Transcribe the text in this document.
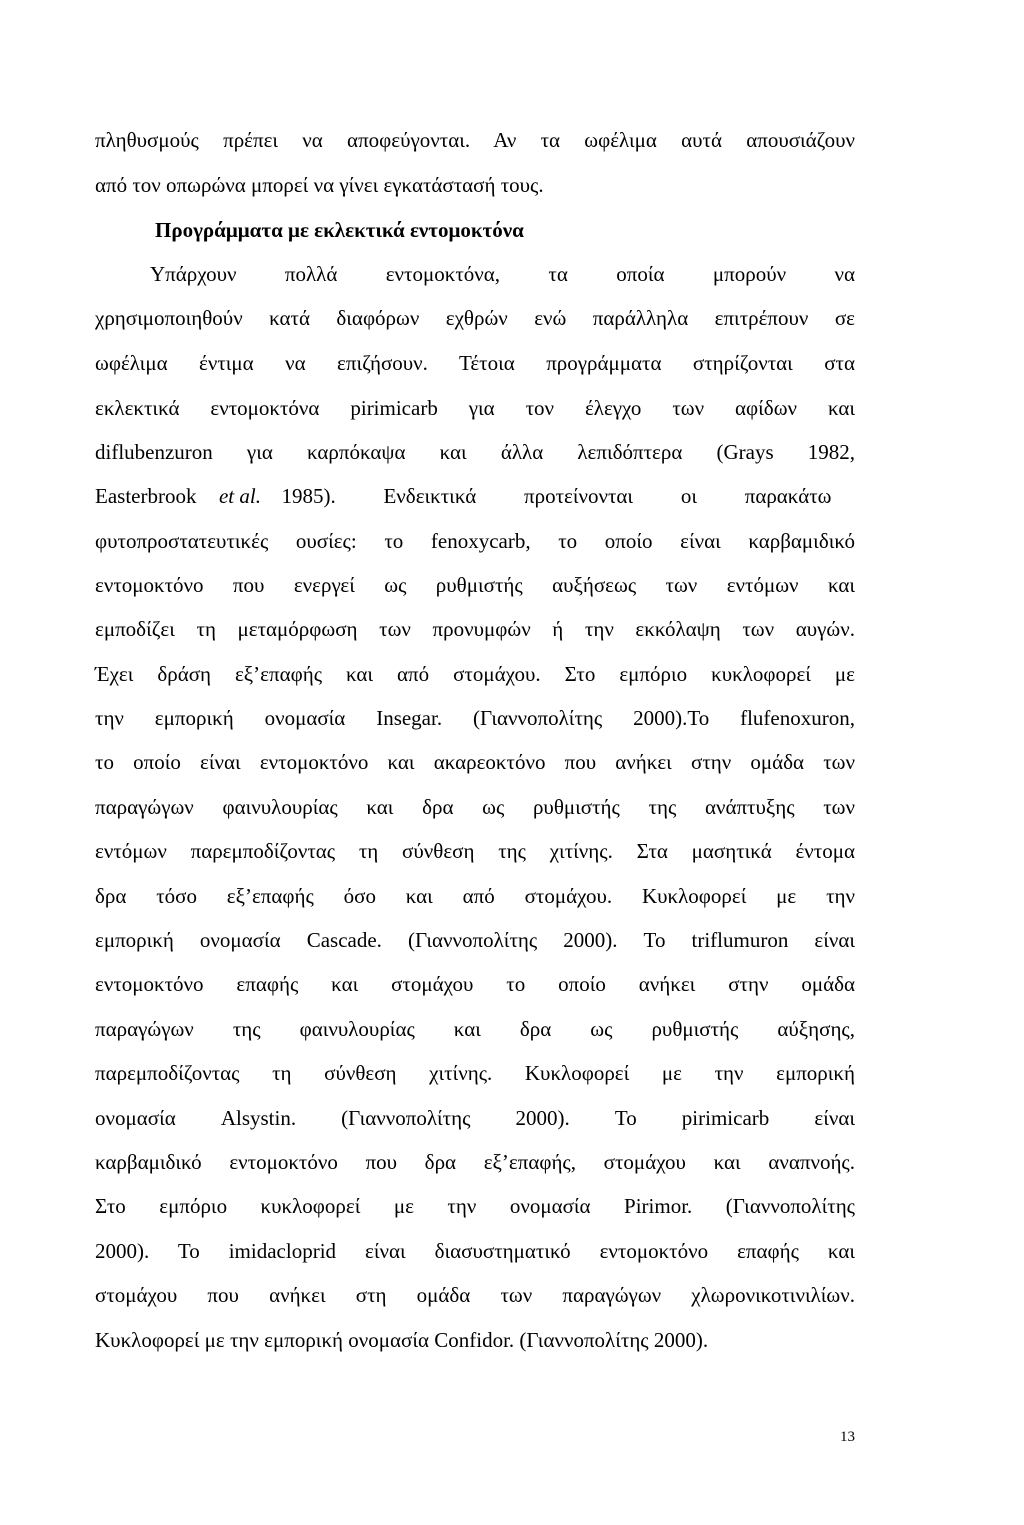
πληθυσμούς πρέπει να αποφεύγονται. Αν τα ωφέλιμα αυτά απουσιάζουν
από τον οπωρώνα μπορεί να γίνει εγκατάστασή τους.
Προγράμματα με εκλεκτικά εντομοκτόνα
Υπάρχουν πολλά εντομοκτόνα, τα οποία μπορούν να
χρησιμοποιηθούν κατά διαφόρων εχθρών ενώ παράλληλα επιτρέπουν σε
ωφέλιμα έντιμα να επιζήσουν. Τέτοια προγράμματα στηρίζονται στα
εκλεκτικά εντομοκτόνα pirimicarb για τον έλεγχο των αφίδων και
diflubenzuron για καρπόκαψα και άλλα λεπιδόπτερα (Grays 1982,
Easterbrook et al. 1985). Ενδεικτικά προτείνονται οι παρακάτω
φυτοπροστατευτικές ουσίες: το fenoxycarb, το οποίο είναι καρβαμιδικό
εντομοκτόνο που ενεργεί ως ρυθμιστής αυξήσεως των εντόμων και
εμποδίζει τη μεταμόρφωση των προνυμφών ή την εκκόλαψη των αυγών.
Έχει δράση εξ’επαφής και από στομάχου. Στο εμπόριο κυκλοφορεί με
την εμπορική ονομασία Insegar. (Γιαννοπολίτης 2000).Το flufenoxuron,
το οποίο είναι εντομοκτόνο και ακαρεοκτόνο που ανήκει στην ομάδα των
παραγώγων φαινυλουρίας και δρα ως ρυθμιστής της ανάπτυξης των
εντόμων παρεμποδίζοντας τη σύνθεση της χιτίνης. Στα μασητικά έντομα
δρα τόσο εξ’επαφής όσο και από στομάχου. Κυκλοφορεί με την
εμπορική ονομασία Cascade. (Γιαννοπολίτης 2000). Το triflumuron είναι
εντομοκτόνο επαφής και στομάχου το οποίο ανήκει στην ομάδα
παραγώγων της φαινυλουρίας και δρα ως ρυθμιστής αύξησης,
παρεμποδίζοντας τη σύνθεση χιτίνης. Κυκλοφορεί με την εμπορική
ονομασία Alsystin. (Γιαννοπολίτης 2000). Το pirimicarb είναι
καρβαμιδικό εντομοκτόνο που δρα εξ’επαφής, στομάχου και αναπνοής.
Στο εμπόριο κυκλοφορεί με την ονομασία Pirimor. (Γιαννοπολίτης
2000). Το imidacloprid είναι διασυστηματικό εντομοκτόνο επαφής και
στομάχου που ανήκει στη ομάδα των παραγώγων χλωρονικοτινιλίων.
Κυκλοφορεί με την εμπορική ονομασία Confidor. (Γιαννοπολίτης 2000).
13
